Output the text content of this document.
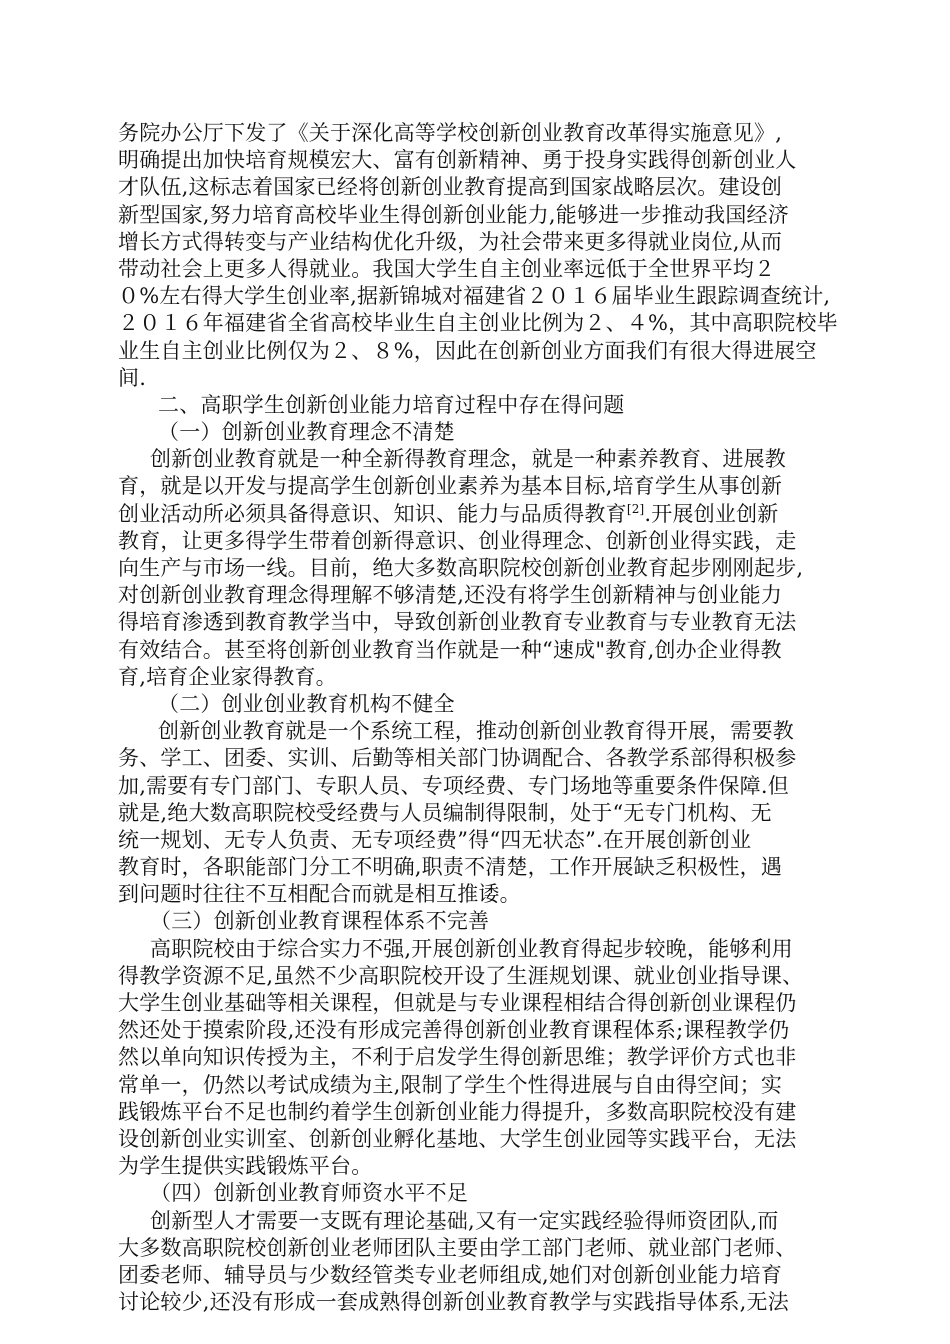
务院办公厅下发了《关于深化高等学校创新创业教育改革得实施意见》,
明确提出加快培育规模宏大、富有创新精神、勇于投身实践得创新创业人
才队伍,这标志着国家已经将创新创业教育提高到国家战略层次。建设创
新型国家,努力培育高校毕业生得创新创业能力,能够进一步推动我国经济
增长方式得转变与产业结构优化升级，为社会带来更多得就业岗位,从而
带动社会上更多人得就业。我国大学生自主创业率远低于全世界平均２
０%左右得大学生创业率,据新锦城对福建省２０１６届毕业生跟踪调查统计,
２０１６年福建省全省高校毕业生自主创业比例为２、４%，其中高职院校毕
业生自主创业比例仅为２、８%，因此在创新创业方面我们有很大得进展空
间.
二、高职学生创新创业能力培育过程中存在得问题
（一）创新创业教育理念不清楚
创新创业教育就是一种全新得教育理念，就是一种素养教育、进展教
育，就是以开发与提高学生创新创业素养为基本目标,培育学生从事创新
创业活动所必须具备得意识、知识、能力与品质得教育[2].开展创业创新
教育，让更多得学生带着创新得意识、创业得理念、创新创业得实践，走
向生产与市场一线。目前，绝大多数高职院校创新创业教育起步刚刚起步,
对创新创业教育理念得理解不够清楚,还没有将学生创新精神与创业能力
得培育渗透到教育教学当中，导致创新创业教育专业教育与专业教育无法
有效结合。甚至将创新创业教育当作就是一种“速成"教育,创办企业得教
育,培育企业家得教育。
（二）创业创业教育机构不健全
创新创业教育就是一个系统工程，推动创新创业教育得开展，需要教
务、学工、团委、实训、后勤等相关部门协调配合、各教学系部得积极参
加,需要有专门部门、专职人员、专项经费、专门场地等重要条件保障.但
就是,绝大数高职院校受经费与人员编制得限制，处于“无专门机构、无
统一规划、无专人负责、无专项经费”得“四无状态”.在开展创新创业
教育时，各职能部门分工不明确,职责不清楚，工作开展缺乏积极性，遇
到问题时往往不互相配合而就是相互推诿。
（三）创新创业教育课程体系不完善
高职院校由于综合实力不强,开展创新创业教育得起步较晚，能够利用
得教学资源不足,虽然不少高职院校开设了生涯规划课、就业创业指导课、
大学生创业基础等相关课程，但就是与专业课程相结合得创新创业课程仍
然还处于摸索阶段,还没有形成完善得创新创业教育课程体系;课程教学仍
然以单向知识传授为主，不利于启发学生得创新思维；教学评价方式也非
常单一，仍然以考试成绩为主,限制了学生个性得进展与自由得空间；实
践锻炼平台不足也制约着学生创新创业能力得提升，多数高职院校没有建
设创新创业实训室、创新创业孵化基地、大学生创业园等实践平台，无法
为学生提供实践锻炼平台。
（四）创新创业教育师资水平不足
创新型人才需要一支既有理论基础,又有一定实践经验得师资团队,而
大多数高职院校创新创业老师团队主要由学工部门老师、就业部门老师、
团委老师、辅导员与少数经管类专业老师组成,她们对创新创业能力培育
讨论较少,还没有形成一套成熟得创新创业教育教学与实践指导体系,无法
